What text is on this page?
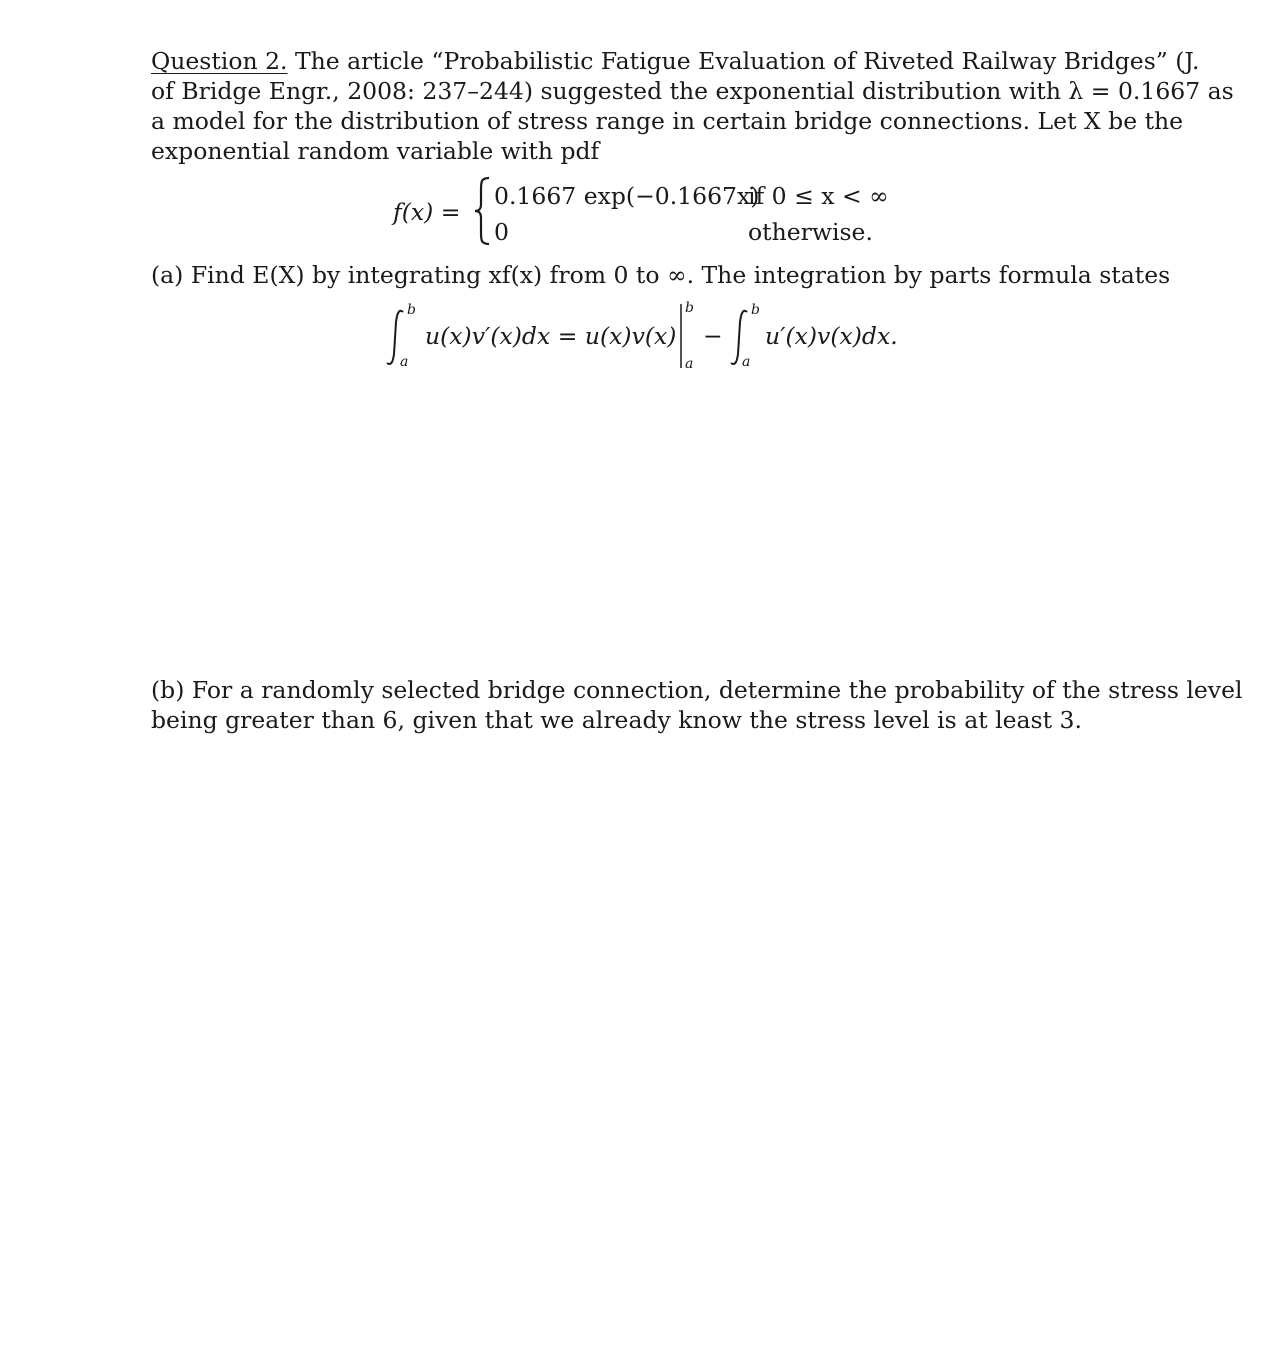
Question 2. The article “Probabilistic Fatigue Evaluation of Riveted Railway Bridges” (J.
of Bridge Engr., 2008: 237–244) suggested the exponential distribution with λ = 0.1667 as
a model for the distribution of stress range in certain bridge connections. Let X be the
exponential random variable with pdf
f(x) =
0.1667 exp(−0.1667x)
if 0 ≤ x < ∞
0	otherwise.
(a) Find E(X) by integrating xf(x) from 0 to ∞. The integration by parts formula states
b
a
u(x)v′(x)dx = u(x)v(x)
b
a
−
b
a
u′(x)v(x)dx.
(b) For a randomly selected bridge connection, determine the probability of the stress level
being greater than 6, given that we already know the stress level is at least 3.
